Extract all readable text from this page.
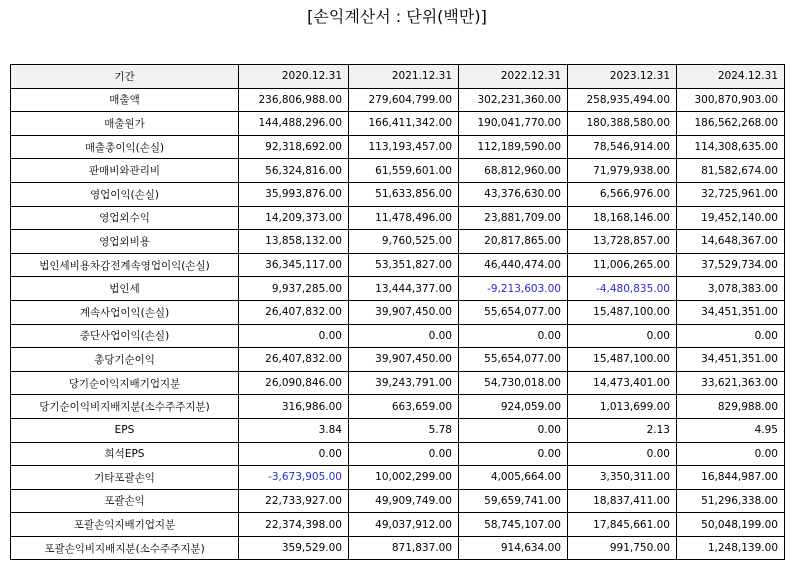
[손익계산서 : 단위(백만)]
기간	2020.12.31	2021.12.31	2022.12.31	2023.12.31	2024.12.31
매출액	236,806,988.00	279,604,799.00	302,231,360.00	258,935,494.00	300,870,903.00
매출원가	144,488,296.00	166,411,342.00	190,041,770.00	180,388,580.00	186,562,268.00
매출총이익(손실)	92,318,692.00	113,193,457.00	112,189,590.00	78,546,914.00	114,308,635.00
판매비와관리비	56,324,816.00	61,559,601.00	68,812,960.00	71,979,938.00	81,582,674.00
영업이익(손실)	35,993,876.00	51,633,856.00	43,376,630.00	6,566,976.00	32,725,961.00
영업외수익	14,209,373.00	11,478,496.00	23,881,709.00	18,168,146.00	19,452,140.00
영업외비용	13,858,132.00	9,760,525.00	20,817,865.00	13,728,857.00	14,648,367.00
법인세비용차감전계속영업이익(손실)	36,345,117.00	53,351,827.00	46,440,474.00	11,006,265.00	37,529,734.00
법인세	9,937,285.00	13,444,377.00	-9,213,603.00	-4,480,835.00	3,078,383.00
계속사업이익(손실)	26,407,832.00	39,907,450.00	55,654,077.00	15,487,100.00	34,451,351.00
중단사업이익(손실)	0.00	0.00	0.00	0.00	0.00
총당기순이익	26,407,832.00	39,907,450.00	55,654,077.00	15,487,100.00	34,451,351.00
당기순이익지배기업지분	26,090,846.00	39,243,791.00	54,730,018.00	14,473,401.00	33,621,363.00
당기순이익비지배지분(소수주주지분)	316,986.00	663,659.00	924,059.00	1,013,699.00	829,988.00
EPS	3.84	5.78	0.00	2.13	4.95
희석EPS	0.00	0.00	0.00	0.00	0.00
기타포괄손익	-3,673,905.00	10,002,299.00	4,005,664.00	3,350,311.00	16,844,987.00
포괄손익	22,733,927.00	49,909,749.00	59,659,741.00	18,837,411.00	51,296,338.00
포괄손익지배기업지분	22,374,398.00	49,037,912.00	58,745,107.00	17,845,661.00	50,048,199.00
포괄손익비지배지분(소수주주지분)	359,529.00	871,837.00	914,634.00	991,750.00	1,248,139.00
